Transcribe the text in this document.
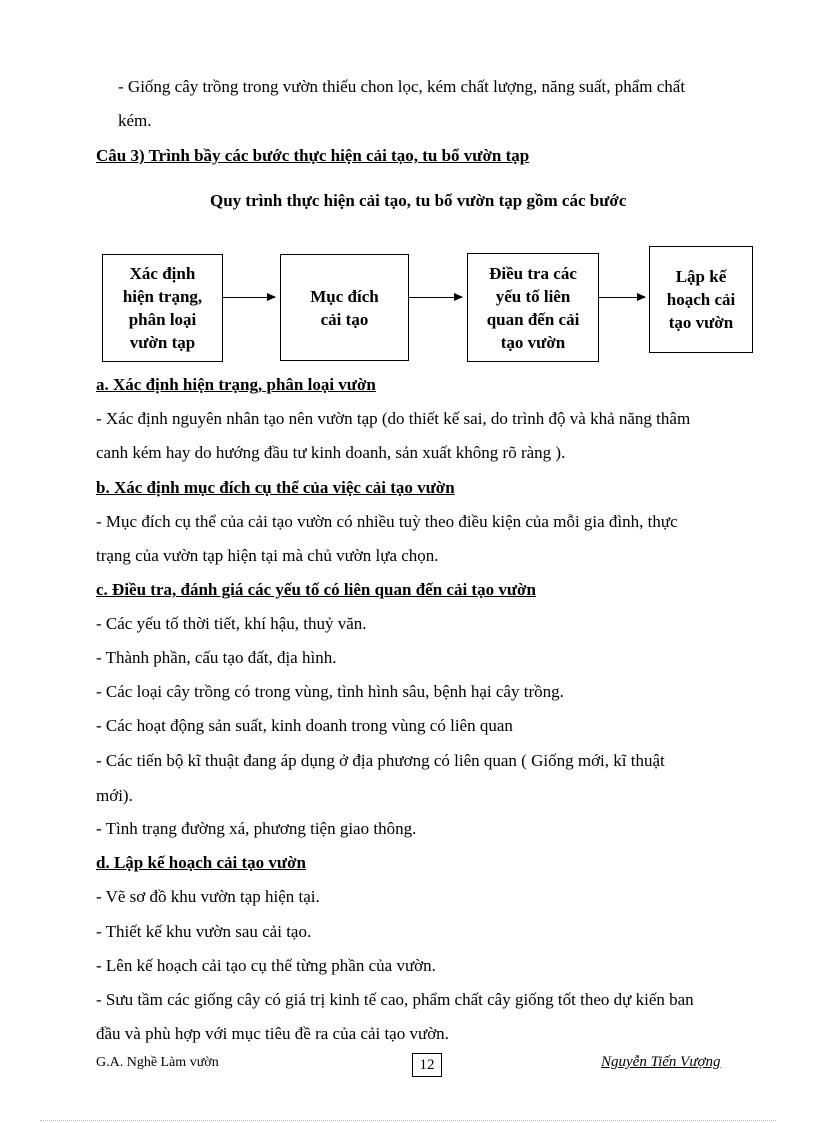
- Giống cây trồng trong vườn thiếu chon lọc, kém chất lượng, năng suất, phẩm chất
kém.
Câu 3) Trình bầy các bước thực hiện cải tạo, tu bổ vườn tạp
Quy trình thực hiện cải tạo, tu bổ vườn tạp gồm các bước
Xác định
hiện trạng,
phân loại
vườn tạp
Mục đích
cải tạo
Điều tra các
yếu tố liên
quan đến cải
tạo vườn
Lập kế
hoạch cải
tạo vườn
a. Xác định hiện trạng, phân loại vườn
- Xác định nguyên nhân tạo nên vườn tạp (do thiết kế sai, do trình độ và khả năng thâm
canh kém hay do hướng đầu tư kinh doanh, sản xuất không rõ ràng ).
b. Xác định mục đích cụ thể của việc cải tạo vườn
- Mục đích cụ thể của cải tạo vườn có nhiều tuỳ theo điều kiện của mỗi gia đình, thực
trạng của vườn tạp hiện tại mà chủ vườn lựa chọn.
c. Điều tra, đánh giá các yếu tố có liên quan đến cải tạo vườn
- Các yếu tố thời tiết, khí hậu, thuỷ văn.
- Thành phần, cấu tạo đất, địa hình.
- Các loại cây trồng có trong vùng, tình hình sâu, bệnh hại cây trồng.
- Các hoạt động sản suất, kinh doanh trong vùng có liên quan
- Các tiến bộ kĩ thuật đang áp dụng ở địa phương có liên quan ( Giống mới, kĩ thuật
mới).
- Tình trạng đường xá, phương tiện giao thông.
d. Lập kế hoạch cải tạo vườn
- Vẽ sơ đồ khu vườn tạp hiện tại.
- Thiết kế khu vườn sau cải tạo.
- Lên kế hoạch cải tạo cụ thể từng phần của vườn.
- Sưu tầm các giống cây có giá trị kinh tế cao, phẩm chất cây giống tốt theo dự kiến ban
đầu và phù hợp với mục tiêu đề ra của cải tạo vườn.
G.A. Nghề Làm vườn	12	Nguyễn Tiến Vượng
